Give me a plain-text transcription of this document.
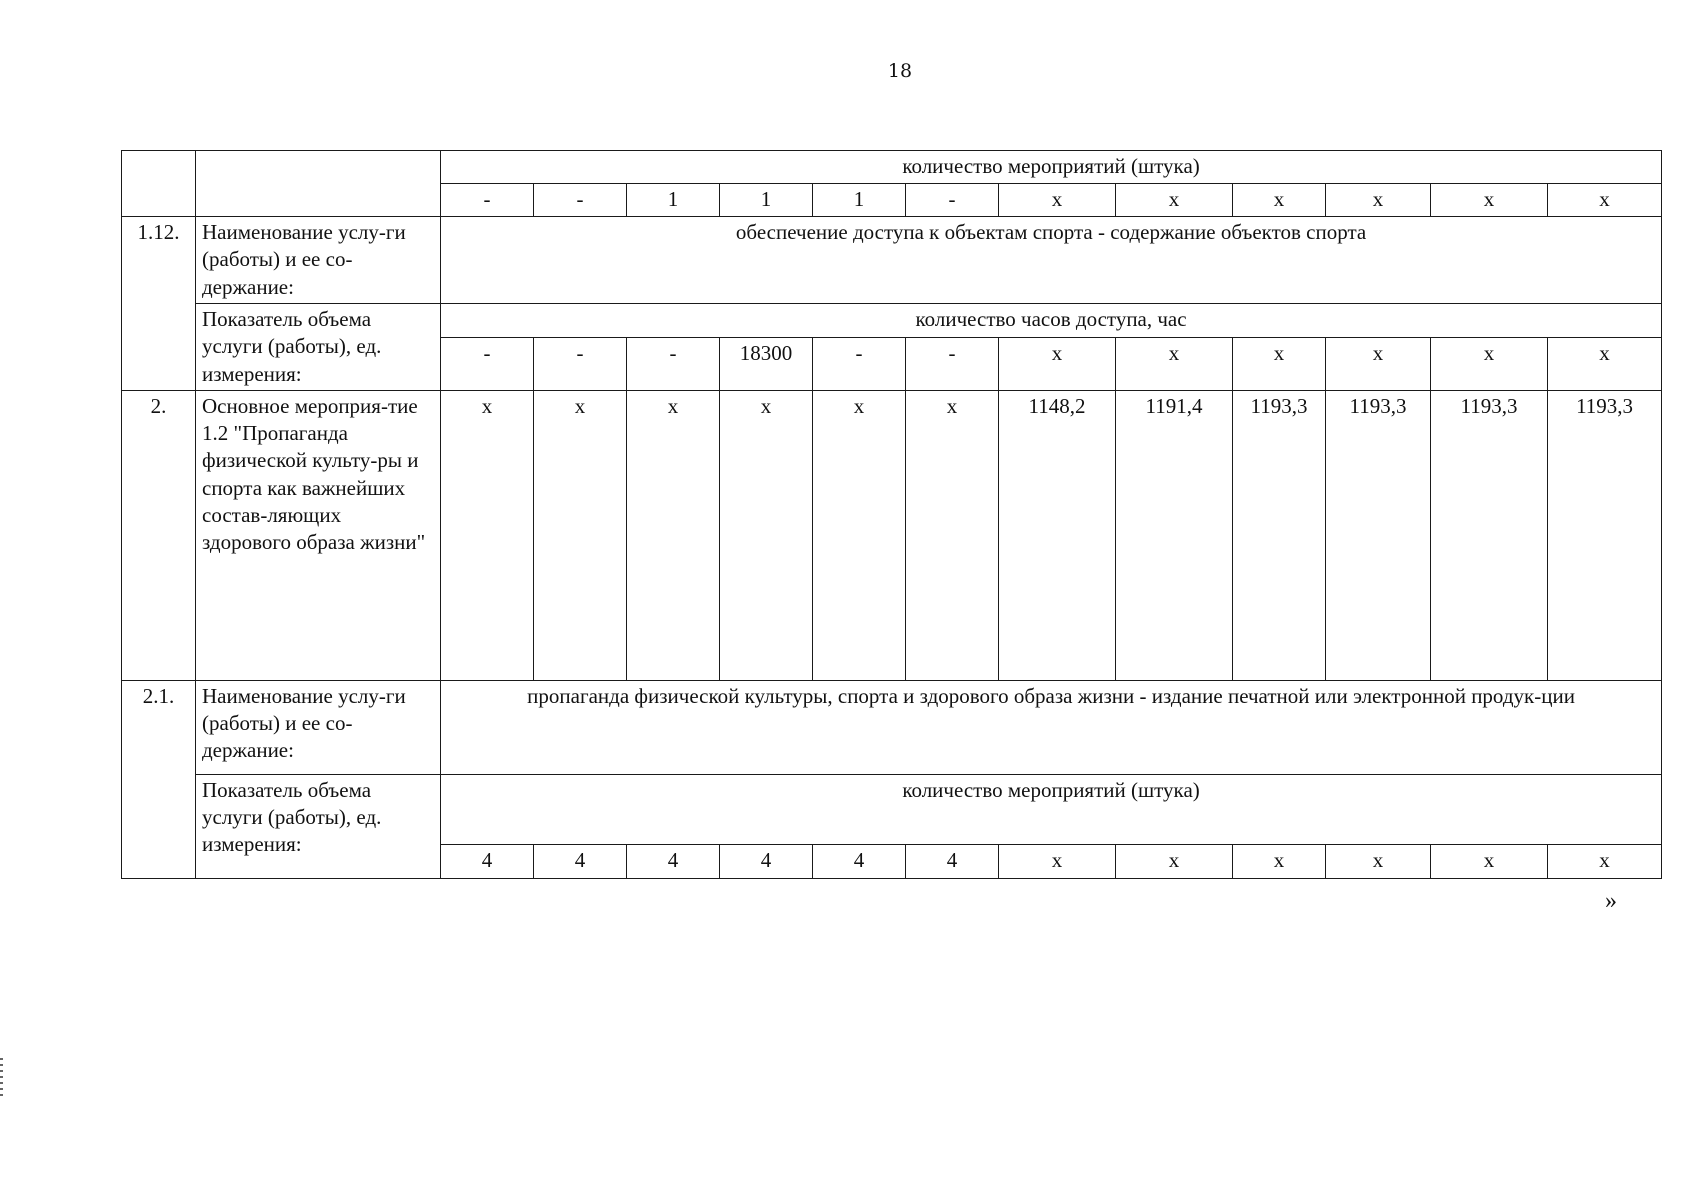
18
		количество мероприятий (штука)											
		-	-	1	1	1	-	x	x	x	x	x	x
1.12.	Наименование услу-ги (работы) и ее со-держание:	обеспечение доступа к объектам спорта - содержание объектов спорта											
	Показатель объема услуги (работы), ед. измерения:	количество часов доступа, час											
		-	-	-	18300	-	-	x	x	x	x	x	x
2.	Основное мероприя-тие 1.2 "Пропаганда физической культу-ры и спорта как важнейших состав-ляющих здорового образа жизни"	x	x	x	x	x	x	1148,2	1191,4	1193,3	1193,3	1193,3	1193,3
2.1.	Наименование услу-ги (работы) и ее со-держание:	пропаганда физической культуры, спорта и здорового образа жизни - издание печатной или электронной продук-ции											
	Показатель объема услуги (работы), ед. измерения:	количество мероприятий (штука)											
		4	4	4	4	4	4	x	x	x	x	x	x
»
